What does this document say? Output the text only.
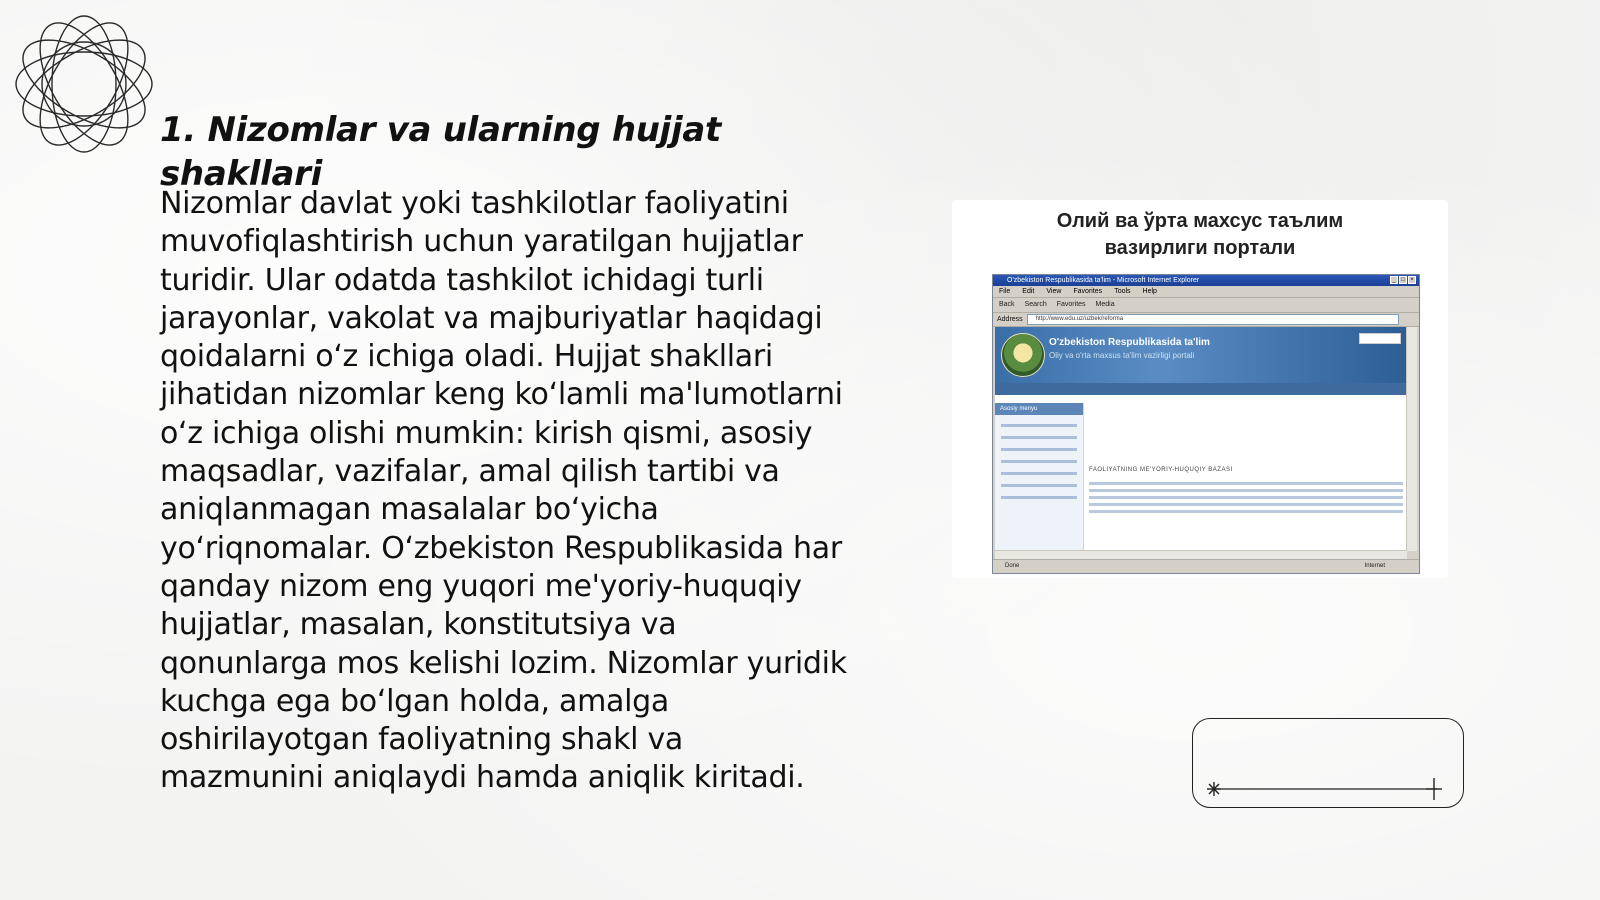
1. Nizomlar va ularning hujjat shakllari

Nizomlar davlat yoki tashkilotlar faoliyatini muvofiqlashtirish uchun yaratilgan hujjatlar turidir. Ular odatda tashkilot ichidagi turli jarayonlar, vakolat va majburiyatlar haqidagi qoidalarni o‘z ichiga oladi. Hujjat shakllari jihatidan nizomlar keng ko‘lamli ma'lumotlarni o‘z ichiga olishi mumkin: kirish qismi, asosiy maqsadlar, vazifalar, amal qilish tartibi va aniqlanmagan masalalar bo‘yicha yo‘riqnomalar. O‘zbekiston Respublikasida har qanday nizom eng yuqori me'yoriy-huquqiy hujjatlar, masalan, konstitutsiya va qonunlarga mos kelishi lozim. Nizomlar yuridik kuchga ega bo‘lgan holda, amalga oshirilayotgan faoliyatning shakl va mazmunini aniqlaydi hamda aniqlik kiritadi.

Олий ва ўрта махсус таълим
вазирлиги портали
O'zbekiston Respublikasida ta'lim - Microsoft Internet Explorer	_ □ ×
File Edit View Favorites Tools Help
Back Search Favorites Media
Address	http://www.edu.uz/uzbek/reforma
O'zbekiston Respublikasida ta'lim
Oliy va o'rta maxsus ta'lim vazirligi portali
Asosiy menyu
FAOLIYATNING ME'YORIY-HUQUQIY BAZASI
Done	Internet
